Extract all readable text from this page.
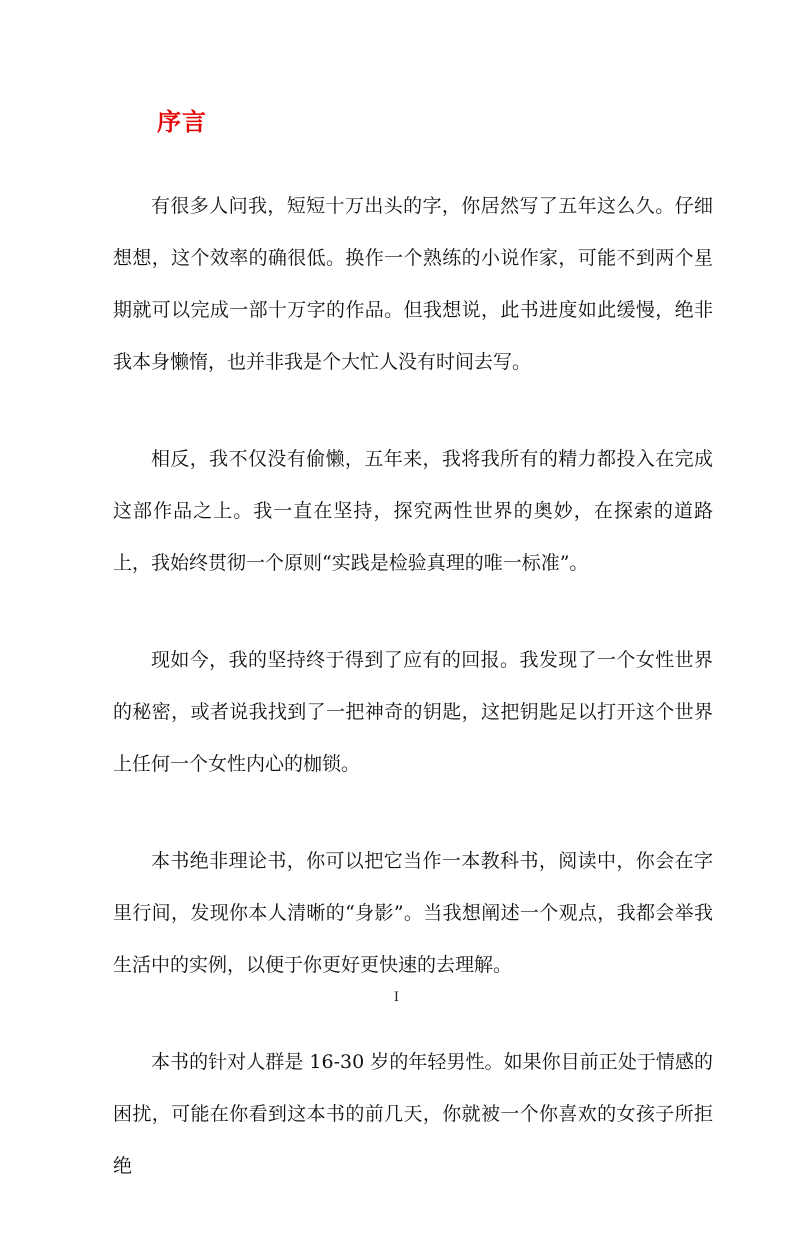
序言

有很多人问我，短短十万出头的字，你居然写了五年这么久。仔细想想，这个效率的确很低。换作一个熟练的小说作家，可能不到两个星期就可以完成一部十万字的作品。但我想说，此书进度如此缓慢，绝非我本身懒惰，也并非我是个大忙人没有时间去写。

相反，我不仅没有偷懒，五年来，我将我所有的精力都投入在完成这部作品之上。我一直在坚持，探究两性世界的奥妙，在探索的道路上，我始终贯彻一个原则“实践是检验真理的唯一标准”。

现如今，我的坚持终于得到了应有的回报。我发现了一个女性世界的秘密，或者说我找到了一把神奇的钥匙，这把钥匙足以打开这个世界上任何一个女性内心的枷锁。

本书绝非理论书，你可以把它当作一本教科书，阅读中，你会在字里行间，发现你本人清晰的“身影”。当我想阐述一个观点，我都会举我生活中的实例，以便于你更好更快速的去理解。

本书的针对人群是 16-30 岁的年轻男性。如果你目前正处于情感的困扰，可能在你看到这本书的前几天，你就被一个你喜欢的女孩子所拒绝

I
